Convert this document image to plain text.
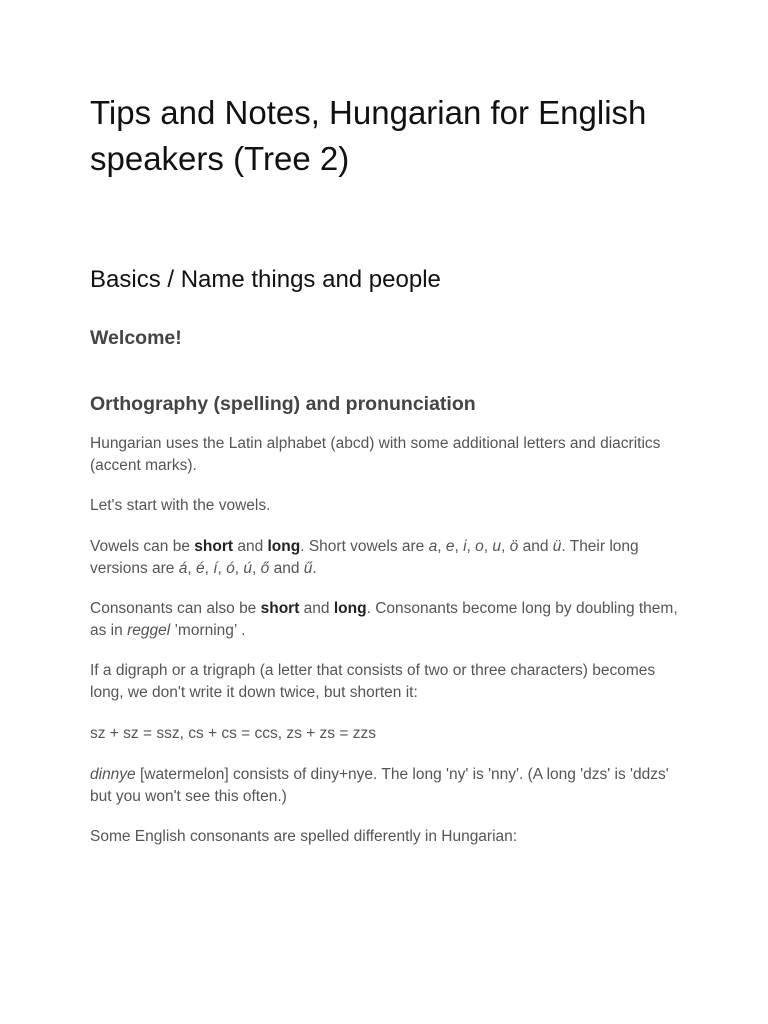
Tips and Notes, Hungarian for English speakers (Tree 2)
Basics / Name things and people
Welcome!
Orthography (spelling) and pronunciation

Hungarian uses the Latin alphabet (abcd) with some additional letters and diacritics (accent marks).

Let's start with the vowels.

Vowels can be short and long. Short vowels are a, e, i, o, u, ö and ü. Their long versions are á, é, í, ó, ú, ő and ű.

Consonants can also be short and long. Consonants become long by doubling them, as in reggel ’morning’ .

If a digraph or a trigraph (a letter that consists of two or three characters) becomes long, we don't write it down twice, but shorten it:

sz + sz = ssz, cs + cs = ccs, zs + zs = zzs

dinnye [watermelon] consists of diny+nye. The long 'ny' is 'nny'. (A long 'dzs' is 'ddzs' but you won't see this often.)

Some English consonants are spelled differently in Hungarian:
